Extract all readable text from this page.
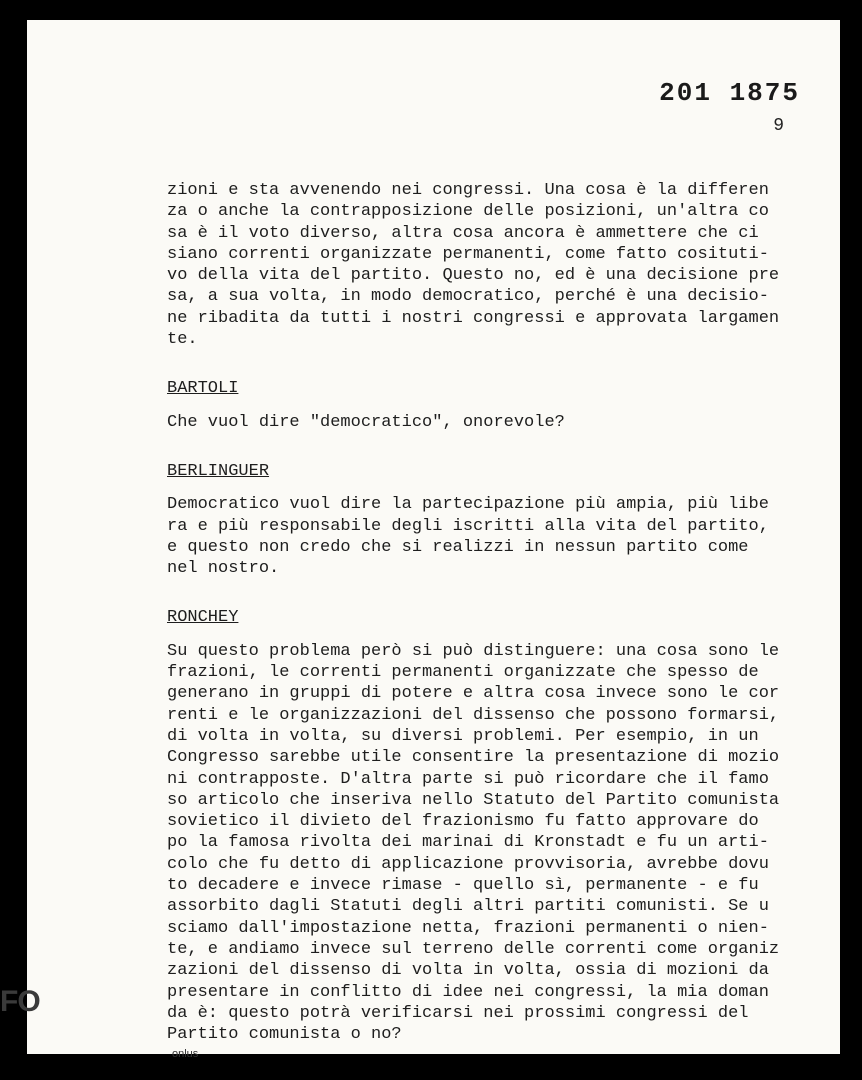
201 1875
9

zioni e sta avvenendo nei congressi. Una cosa è la differen
za o anche la contrapposizione delle posizioni, un'altra co
sa è il voto diverso, altra cosa ancora è ammettere che ci
siano correnti organizzate permanenti, come fatto cosituti-
vo della vita del partito. Questo no, ed è una decisione pre
sa, a sua volta, in modo democratico, perché è una decisio-
ne ribadita da tutti i nostri congressi e approvata largamen
te.

BARTOLI

Che vuol dire "democratico", onorevole?

BERLINGUER

Democratico vuol dire la partecipazione più ampia, più libe
ra e più responsabile degli iscritti alla vita del partito,
e questo non credo che si realizzi in nessun partito come
nel nostro.

RONCHEY

Su questo problema però si può distinguere: una cosa sono le
frazioni, le correnti permanenti organizzate che spesso de
generano in gruppi di potere e altra cosa invece sono le cor
renti e le organizzazioni del dissenso che possono formarsi,
di volta in volta, su diversi problemi. Per esempio, in un
Congresso sarebbe utile consentire la presentazione di mozio
ni contrapposte. D'altra parte si può ricordare che il famo
so articolo che inseriva nello Statuto del Partito comunista
sovietico il divieto del frazionismo fu fatto approvare do
po la famosa rivolta dei marinai di Kronstadt e fu un arti-
colo che fu detto di applicazione provvisoria, avrebbe dovu
to decadere e invece rimase - quello sì, permanente - e fu
assorbito dagli Statuti degli altri partiti comunisti. Se u
sciamo dall'impostazione netta, frazioni permanenti o nien-
te, e andiamo invece sul terreno delle correnti come organiz
zazioni del dissenso di volta in volta, ossia di mozioni da
presentare in conflitto di idee nei congressi, la mia doman
da è: questo potrà verificarsi nei prossimi congressi del
Partito comunista o no?

FO
onlus
